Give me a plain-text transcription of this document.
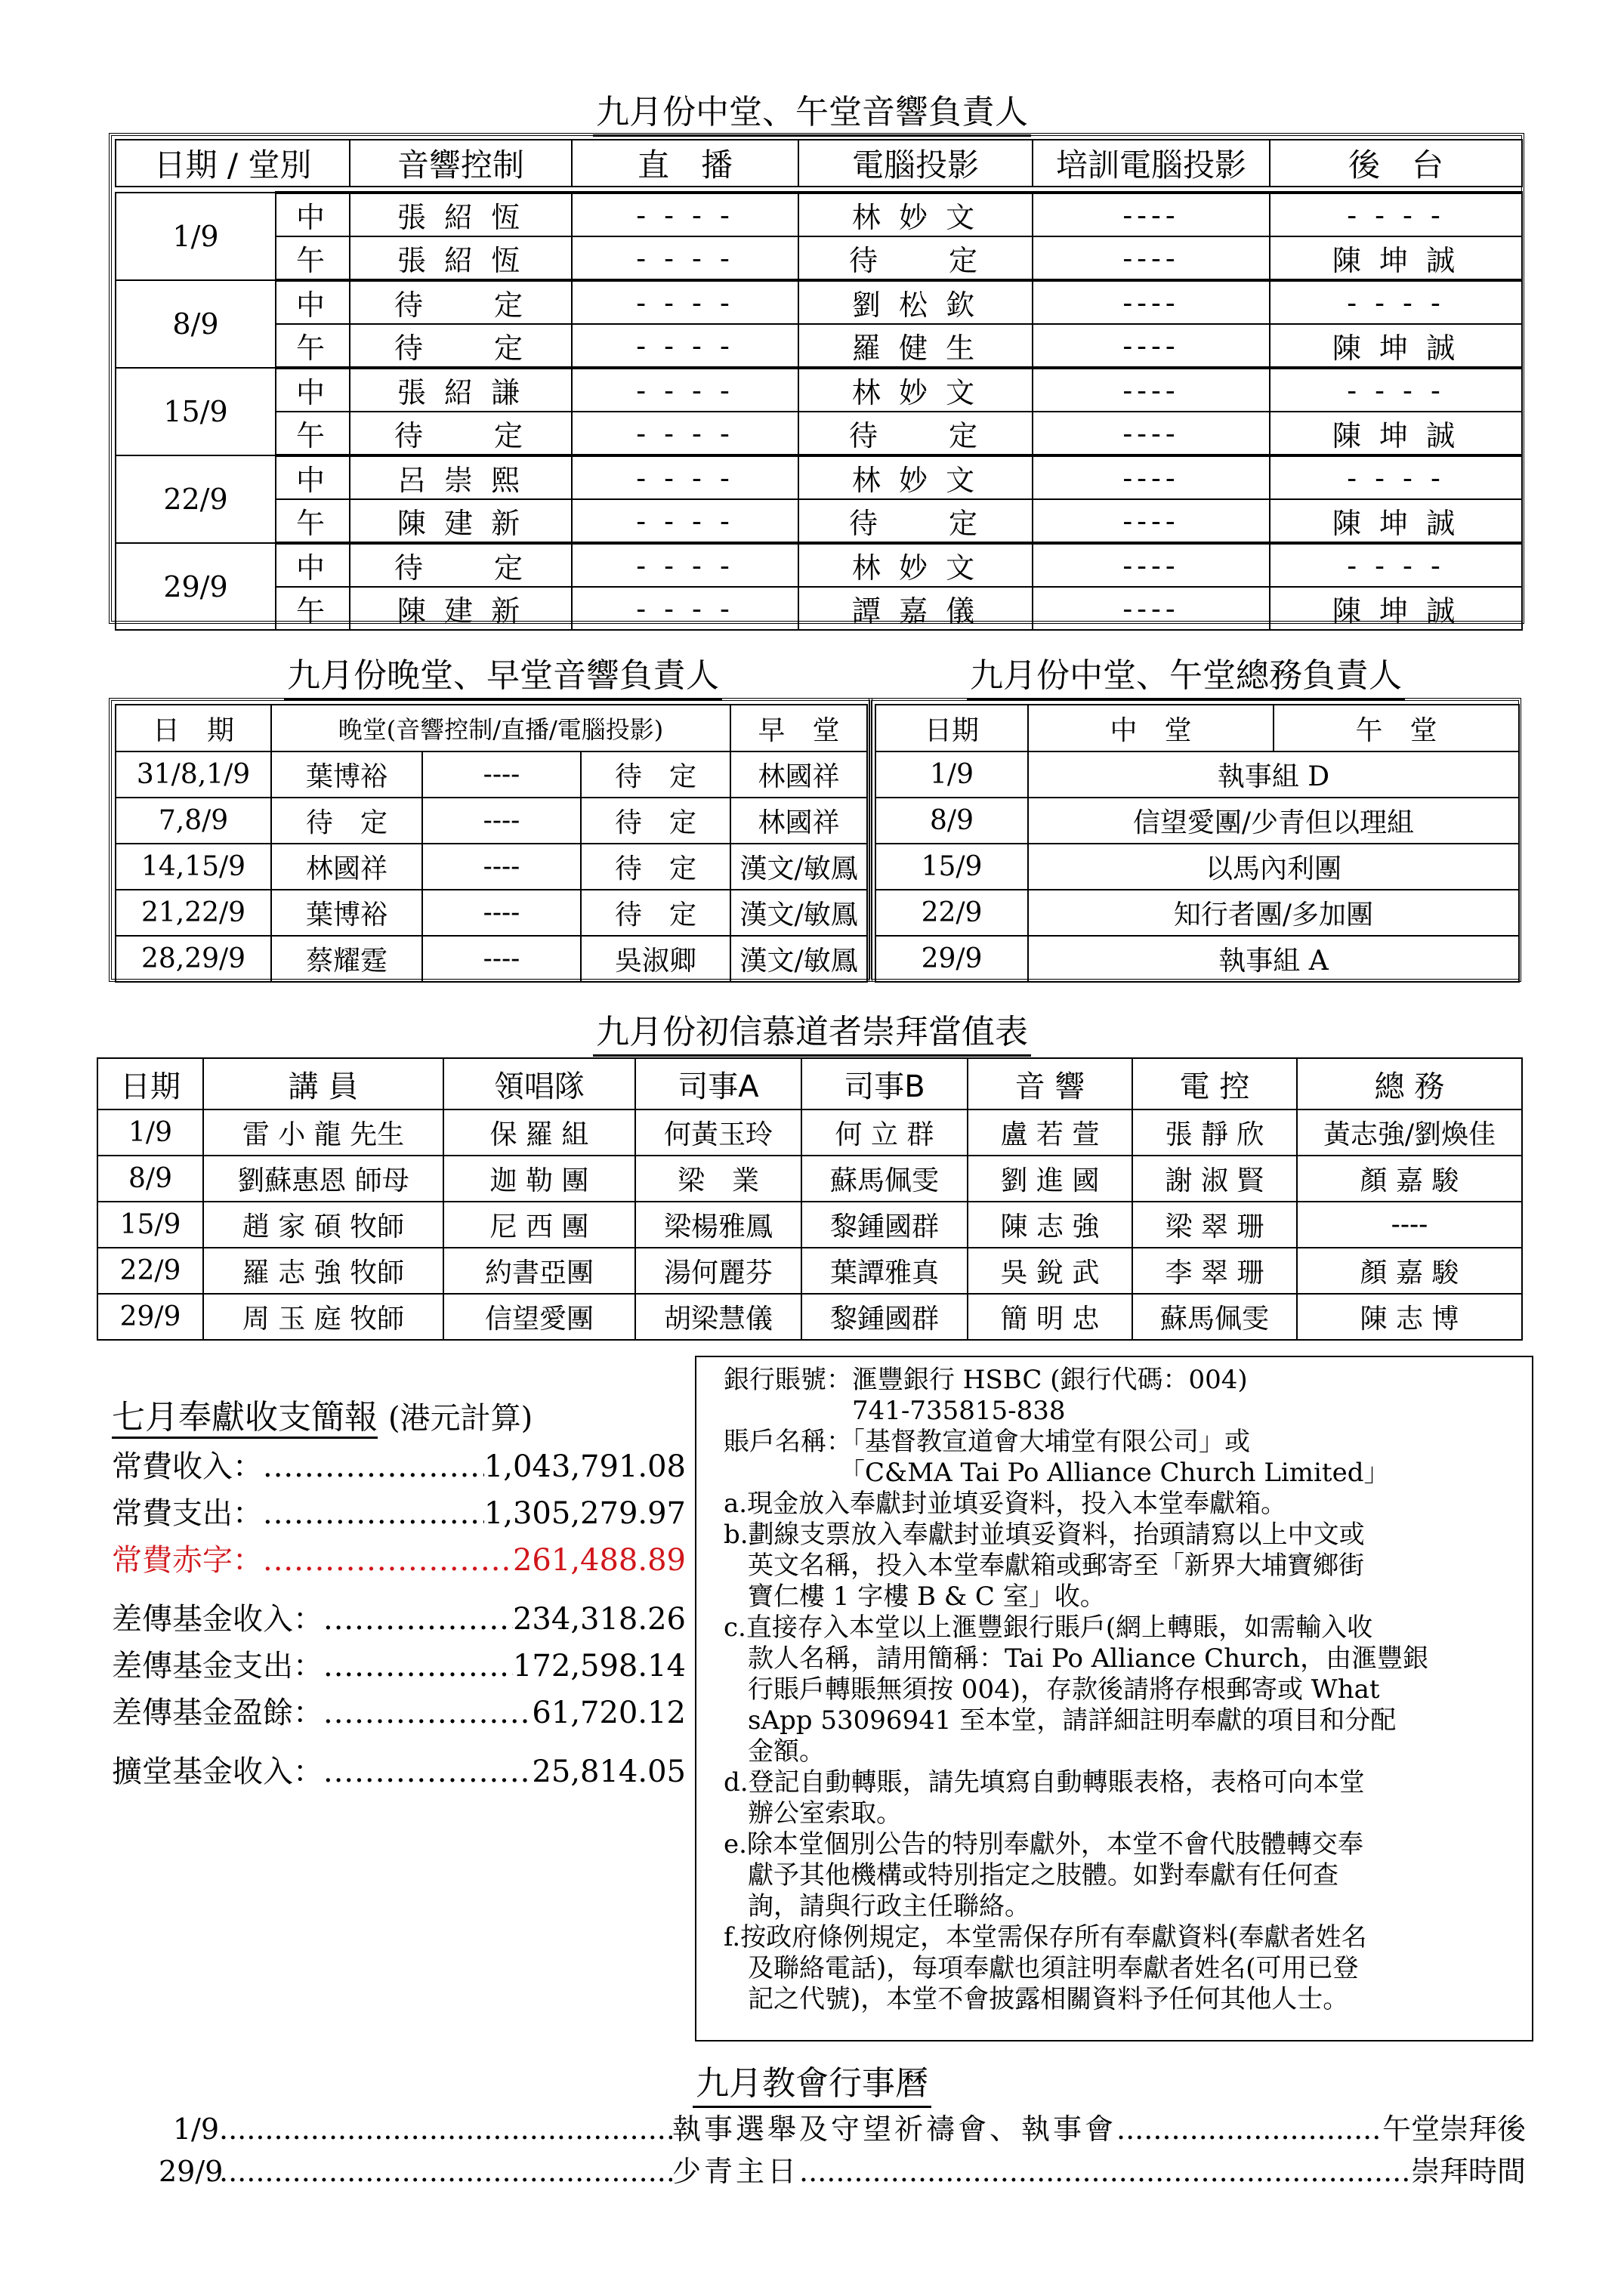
九月份中堂、午堂音響負責人
日期 / 堂別		音響控制	直　播	電腦投影	培訓電腦投影	後　台

1/9	中	張 紹 恆	- - - -	林 妙 文	----	- - - -
	午	張 紹 恆	- - - -	待　　定	----	陳 坤 誠
8/9	中	待　　定	- - - -	劉 松 欽	----	- - - -
	午	待　　定	- - - -	羅 健 生	----	陳 坤 誠
15/9	中	張 紹 謙	- - - -	林 妙 文	----	- - - -
	午	待　　定	- - - -	待　　定	----	陳 坤 誠
22/9	中	呂 崇 熙	- - - -	林 妙 文	----	- - - -
	午	陳 建 新	- - - -	待　　定	----	陳 坤 誠
29/9	中	待　　定	- - - -	林 妙 文	----	- - - -
	午	陳 建 新	- - - -	譚 嘉 儀	----	陳 坤 誠
九月份晚堂、早堂音響負責人	九月份中堂、午堂總務負責人
日　期	晚堂(音響控制/直播/電腦投影)			早　堂
31/8,1/9	葉博裕	----	待　定	林國祥
7,8/9	待　定	----	待　定	林國祥
14,15/9	林國祥	----	待　定	漢文/敏鳳
21,22/9	葉博裕	----	待　定	漢文/敏鳳
28,29/9	蔡耀霆	----	吳淑卿	漢文/敏鳳
日期	中　堂	午　堂
1/9	執事組 D	
8/9	信望愛團/少青但以理組	
15/9	以馬內利團	
22/9	知行者團/多加團	
29/9	執事組 A	
九月份初信慕道者崇拜當值表
日期	講 員	領唱隊	司事A	司事B	音 響	電 控	總 務
1/9	雷 小 龍 先生	保 羅 組	何黃玉玲	何 立 群	盧 若 萱	張 靜 欣	黃志強/劉煥佳
8/9	劉蘇惠恩 師母	迦 勒 團	梁　業	蘇馬佩雯	劉 進 國	謝 淑 賢	顏 嘉 駿
15/9	趙 家 碩 牧師	尼 西 團	梁楊雅鳳	黎鍾國群	陳 志 強	梁 翠 珊	----
22/9	羅 志 強 牧師	約書亞團	湯何麗芬	葉譚雅真	吳 銳 武	李 翠 珊	顏 嘉 駿
29/9	周 玉 庭 牧師	信望愛團	胡梁慧儀	黎鍾國群	簡 明 忠	蘇馬佩雯	陳 志 博
七月奉獻收支簡報 (港元計算)
常費收入： .....	1,043,791.08
常費支出： .....	1,305,279.97
常費赤字： .....	261,488.89
差傳基金收入： .....	234,318.26
差傳基金支出： .....	172,598.14
差傳基金盈餘： .....	61,720.12
擴堂基金收入： .....	25,814.05

銀行賬號：滙豐銀行 HSBC (銀行代碼：004)

　　　　　741-735815-838

賬戶名稱：「基督教宣道會大埔堂有限公司」或

　　　　　「C&MA Tai Po Alliance Church Limited」

a.現金放入奉獻封並填妥資料，投入本堂奉獻箱。

b.劃線支票放入奉獻封並填妥資料，抬頭請寫以上中文或

英文名稱，投入本堂奉獻箱或郵寄至「新界大埔寶鄉街

寶仁樓 1 字樓 B & C 室」收。

c.直接存入本堂以上滙豐銀行賬戶(網上轉賬，如需輸入收

款人名稱，請用簡稱：Tai Po Alliance Church，由滙豐銀

行賬戶轉賬無須按 004)，存款後請將存根郵寄或 What

sApp 53096941 至本堂，請詳細註明奉獻的項目和分配

金額。

d.登記自動轉賬，請先填寫自動轉賬表格，表格可向本堂

辦公室索取。

e.除本堂個別公告的特別奉獻外，本堂不會代肢體轉交奉

獻予其他機構或特別指定之肢體。如對奉獻有任何查

詢，請與行政主任聯絡。

f.按政府條例規定，本堂需保存所有奉獻資料(奉獻者姓名

及聯絡電話)，每項奉獻也須註明奉獻者姓名(可用已登

記之代號)，本堂不會披露相關資料予任何其他人士。

九月教會行事曆
1/9 .....	執事選舉及守望祈禱會、執事會 .....	午堂崇拜後
29/9 .....	少青主日 .....	崇拜時間
